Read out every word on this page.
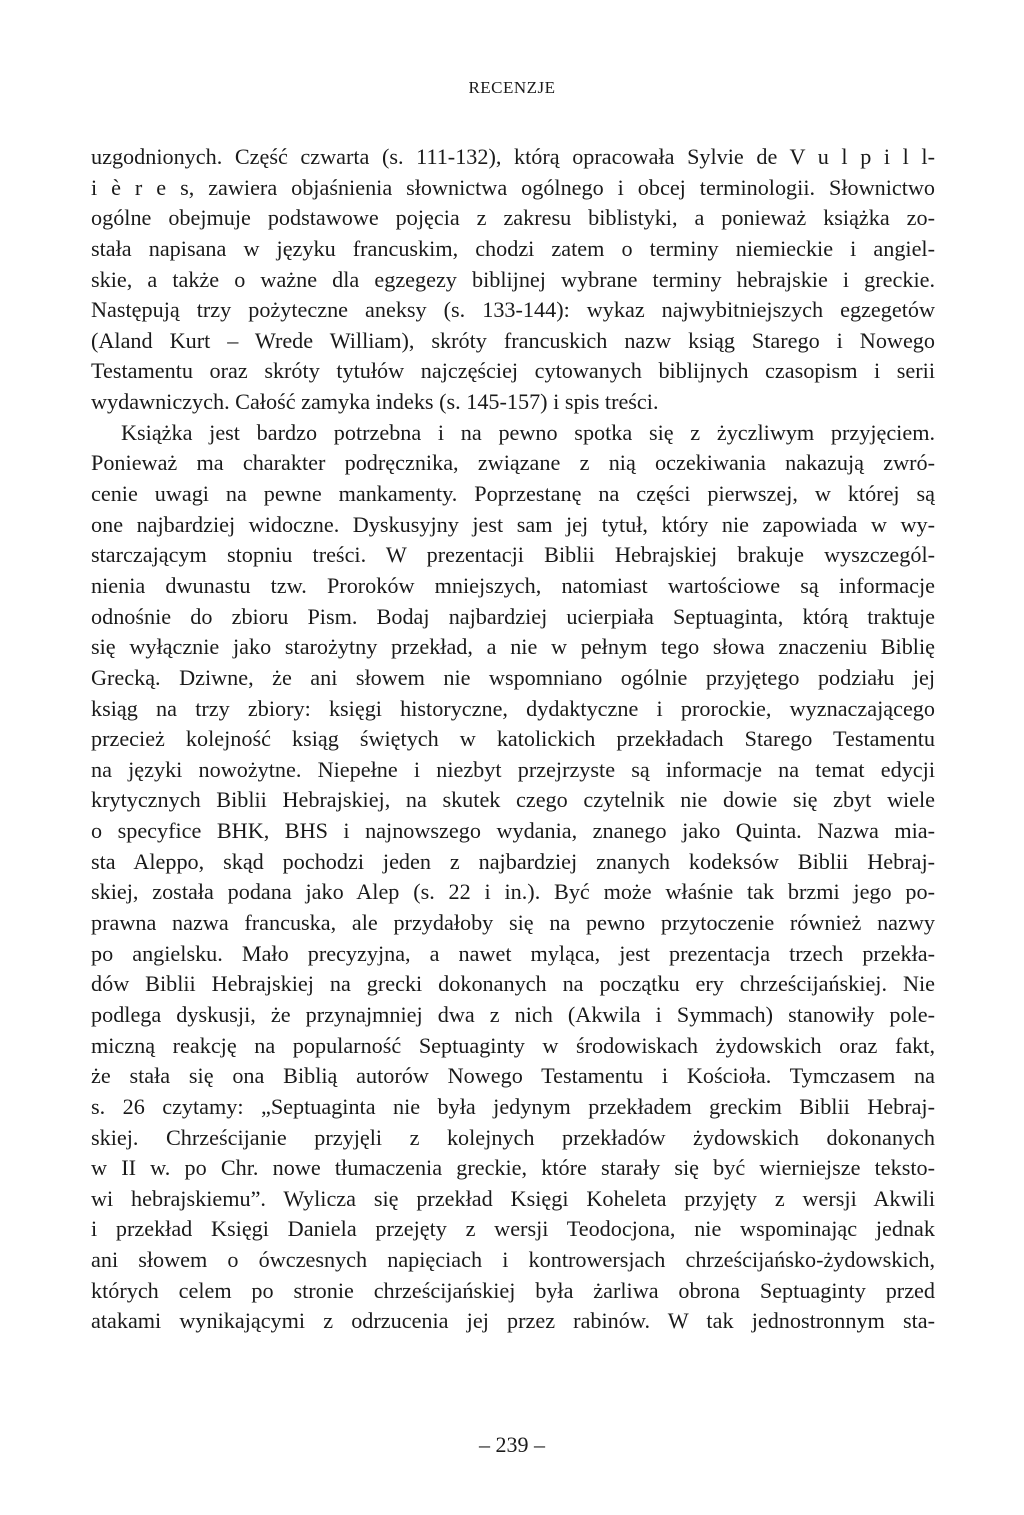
RECENZJE
uzgodnionych. Część czwarta (s. 111-132), którą opracowała Sylvie de V u l p i l l-
i è r e s, zawiera objaśnienia słownictwa ogólnego i obcej terminologii. Słownictwo
ogólne obejmuje podstawowe pojęcia z zakresu biblistyki, a ponieważ książka zo-
stała napisana w języku francuskim, chodzi zatem o terminy niemieckie i angiel-
skie, a także o ważne dla egzegezy biblijnej wybrane terminy hebrajskie i greckie.
Następują trzy pożyteczne aneksy (s. 133-144): wykaz najwybitniejszych egzegetów
(Aland Kurt – Wrede William), skróty francuskich nazw ksiąg Starego i Nowego
Testamentu oraz skróty tytułów najczęściej cytowanych biblijnych czasopism i serii
wydawniczych. Całość zamyka indeks (s. 145-157) i spis treści.
Książka jest bardzo potrzebna i na pewno spotka się z życzliwym przyjęciem.
Ponieważ ma charakter podręcznika, związane z nią oczekiwania nakazują zwró-
cenie uwagi na pewne mankamenty. Poprzestanę na części pierwszej, w której są
one najbardziej widoczne. Dyskusyjny jest sam jej tytuł, który nie zapowiada w wy-
starczającym stopniu treści. W prezentacji Biblii Hebrajskiej brakuje wyszczegól-
nienia dwunastu tzw. Proroków mniejszych, natomiast wartościowe są informacje
odnośnie do zbioru Pism. Bodaj najbardziej ucierpiała Septuaginta, którą traktuje
się wyłącznie jako starożytny przekład, a nie w pełnym tego słowa znaczeniu Biblię
Grecką. Dziwne, że ani słowem nie wspomniano ogólnie przyjętego podziału jej
ksiąg na trzy zbiory: księgi historyczne, dydaktyczne i prorockie, wyznaczającego
przecież kolejność ksiąg świętych w katolickich przekładach Starego Testamentu
na języki nowożytne. Niepełne i niezbyt przejrzyste są informacje na temat edycji
krytycznych Biblii Hebrajskiej, na skutek czego czytelnik nie dowie się zbyt wiele
o specyfice BHK, BHS i najnowszego wydania, znanego jako Quinta. Nazwa mia-
sta Aleppo, skąd pochodzi jeden z najbardziej znanych kodeksów Biblii Hebraj-
skiej, została podana jako Alep (s. 22 i in.). Być może właśnie tak brzmi jego po-
prawna nazwa francuska, ale przydałoby się na pewno przytoczenie również nazwy
po angielsku. Mało precyzyjna, a nawet myląca, jest prezentacja trzech przekła-
dów Biblii Hebrajskiej na grecki dokonanych na początku ery chrześcijańskiej. Nie
podlega dyskusji, że przynajmniej dwa z nich (Akwila i Symmach) stanowiły pole-
miczną reakcję na popularność Septuaginty w środowiskach żydowskich oraz fakt,
że stała się ona Biblią autorów Nowego Testamentu i Kościoła. Tymczasem na
s. 26 czytamy: „Septuaginta nie była jedynym przekładem greckim Biblii Hebraj-
skiej. Chrześcijanie przyjęli z kolejnych przekładów żydowskich dokonanych
w II w. po Chr. nowe tłumaczenia greckie, które starały się być wierniejsze teksto-
wi hebrajskiemu”. Wylicza się przekład Księgi Koheleta przyjęty z wersji Akwili
i przekład Księgi Daniela przejęty z wersji Teodocjona, nie wspominając jednak
ani słowem o ówczesnych napięciach i kontrowersjach chrześcijańsko-żydowskich,
których celem po stronie chrześcijańskiej była żarliwa obrona Septuaginty przed
atakami wynikającymi z odrzucenia jej przez rabinów. W tak jednostronnym sta-
– 239 –
